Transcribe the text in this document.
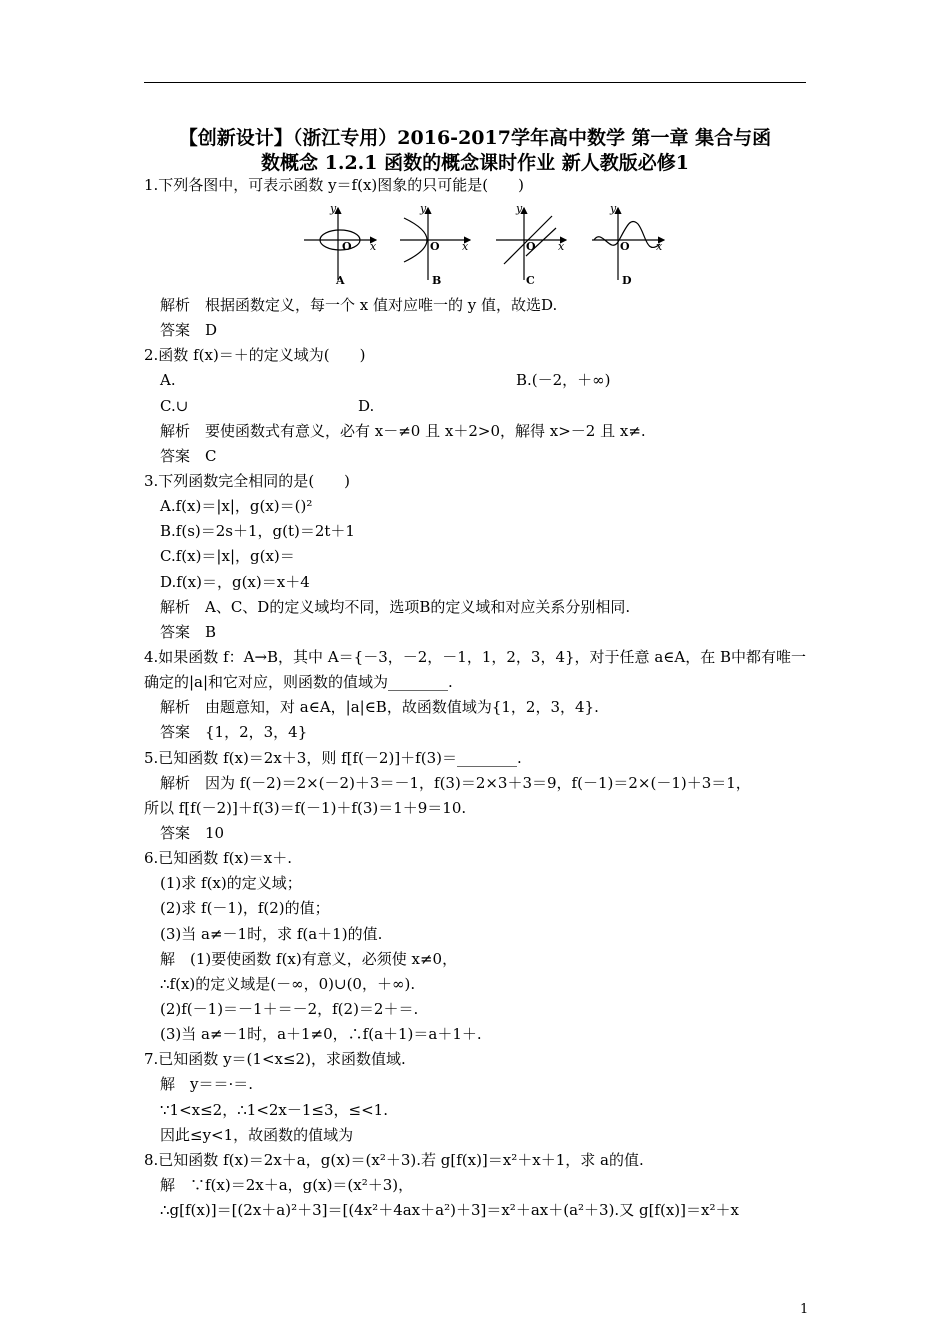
【创新设计】（浙江专用）2016-2017学年高中数学 第一章 集合与函
数概念 1.2.1 函数的概念课时作业 新人教版必修1
1.下列各图中，可表示函数 y＝f(x)图象的只可能是(　　)
y
x
y
x
y
x
y
x
O	O	O	O
A	B	C	D
解析　根据函数定义，每一个 x 值对应唯一的 y 值，故选D.
答案　D
2.函数 f(x)＝＋的定义域为(　　)
A.	B.(－2，＋∞)
C.∪	D.
解析　要使函数式有意义，必有 x－≠0 且 x＋2>0，解得 x>－2 且 x≠.
答案　C
3.下列函数完全相同的是(　　)
A.f(x)＝|x|，g(x)＝()²
B.f(s)＝2s＋1，g(t)＝2t＋1
C.f(x)＝|x|，g(x)＝
D.f(x)＝，g(x)＝x＋4
解析　A、C、D的定义域均不同，选项B的定义域和对应关系分别相同.
答案　B
4.如果函数 f：A→B，其中 A＝{－3，－2，－1，1，2，3，4}，对于任意 a∈A，在 B中都有唯一
确定的|a|和它对应，则函数的值域为________.
解析　由题意知，对 a∈A，|a|∈B，故函数值域为{1，2，3，4}.
答案　{1，2，3，4}
5.已知函数 f(x)＝2x＋3，则 f[f(－2)]＋f(3)＝________.
解析　因为 f(－2)＝2×(－2)＋3＝－1，f(3)＝2×3＋3＝9，f(－1)＝2×(－1)＋3＝1，
所以 f[f(－2)]＋f(3)＝f(－1)＋f(3)＝1＋9＝10.
答案　10
6.已知函数 f(x)＝x＋.
(1)求 f(x)的定义域；
(2)求 f(－1)，f(2)的值；
(3)当 a≠－1时，求 f(a＋1)的值.
解　(1)要使函数 f(x)有意义，必须使 x≠0，
∴f(x)的定义域是(－∞，0)∪(0，＋∞).
(2)f(－1)＝－1＋＝－2，f(2)＝2＋＝.
(3)当 a≠－1时，a＋1≠0，∴f(a＋1)＝a＋1＋.
7.已知函数 y＝(1<x≤2)，求函数值域.
解　y＝＝·＝.
∵1<x≤2，∴1<2x－1≤3，≤<1.
因此≤y<1，故函数的值域为
8.已知函数 f(x)＝2x＋a，g(x)＝(x²＋3).若 g[f(x)]＝x²＋x＋1，求 a的值.
解　∵f(x)＝2x＋a，g(x)＝(x²＋3)，
∴g[f(x)]＝[(2x＋a)²＋3]＝[(4x²＋4ax＋a²)＋3]＝x²＋ax＋(a²＋3).又 g[f(x)]＝x²＋x
1
